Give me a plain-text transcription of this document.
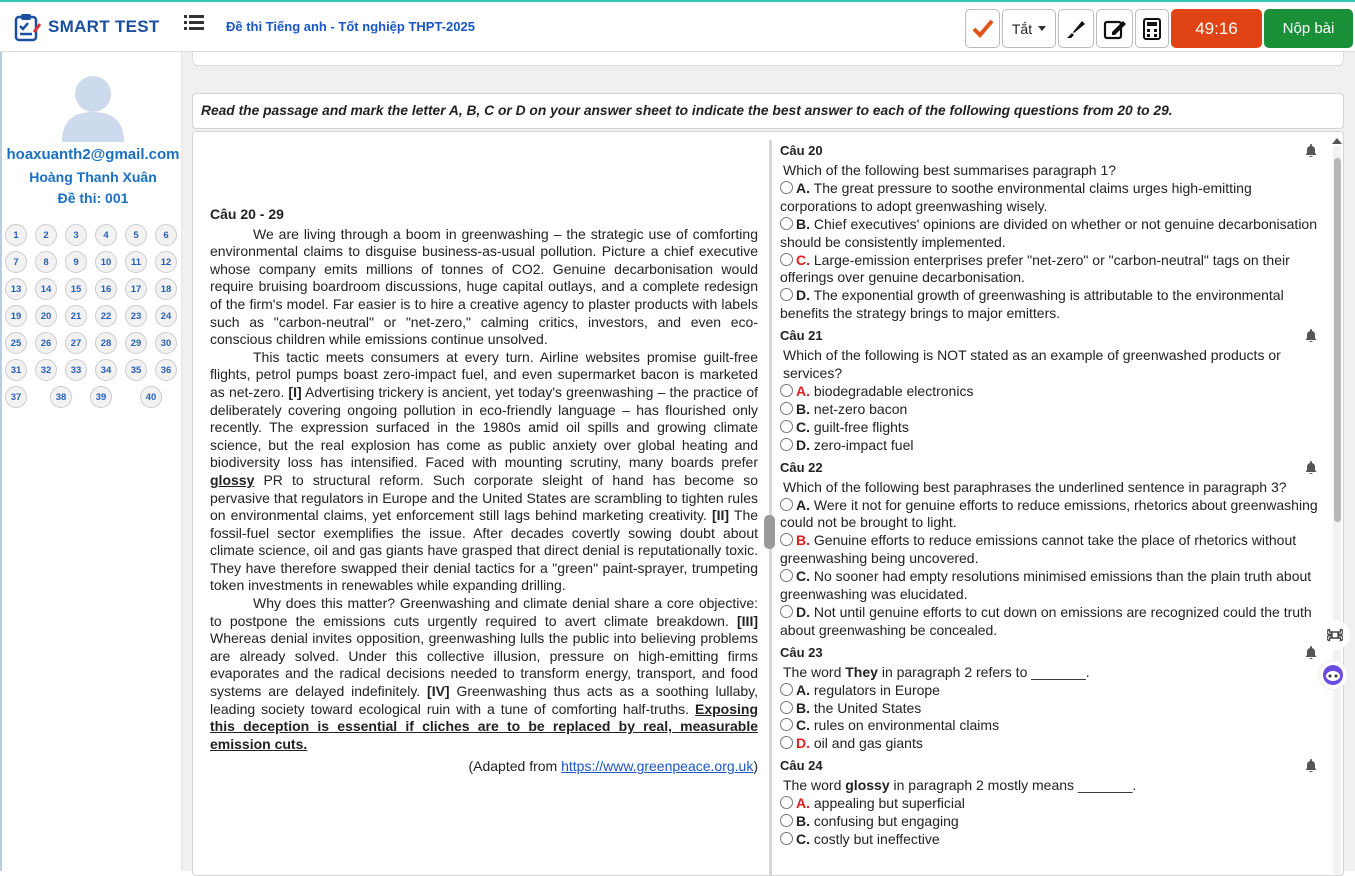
SMART TEST	Đề thi Tiếng anh - Tốt nghiệp THPT-2025	Tắt	49:16	Nộp bài
hoaxuanth2@gmail.com
Hoàng Thanh Xuân
Đề thi: 001
1	2	3	4	5	6
7	8	9	10	11	12
13	14	15	16	17	18
19	20	21	22	23	24
25	26	27	28	29	30
31	32	33	34	35	36
37	38	39	40
Read the passage and mark the letter A, B, C or D on your answer sheet to indicate the best answer to each of the following questions from 20 to 29.
Câu 20 - 29

We are living through a boom in greenwashing – the strategic use of comforting environmental claims to disguise business-as-usual pollution. Picture a chief executive whose company emits millions of tonnes of CO2. Genuine decarbonisation would require bruising boardroom discussions, huge capital outlays, and a complete redesign of the firm's model. Far easier is to hire a creative agency to plaster products with labels such as "carbon-neutral" or "net-zero," calming critics, investors, and even eco-conscious children while emissions continue unsolved.

This tactic meets consumers at every turn. Airline websites promise guilt-free flights, petrol pumps boast zero-impact fuel, and even supermarket bacon is marketed as net-zero. [I] Advertising trickery is ancient, yet today's greenwashing – the practice of deliberately covering ongoing pollution in eco-friendly language – has flourished only recently. The expression surfaced in the 1980s amid oil spills and growing climate science, but the real explosion has come as public anxiety over global heating and biodiversity loss has intensified. Faced with mounting scrutiny, many boards prefer glossy PR to structural reform. Such corporate sleight of hand has become so pervasive that regulators in Europe and the United States are scrambling to tighten rules on environmental claims, yet enforcement still lags behind marketing creativity. [II] The fossil-fuel sector exemplifies the issue. After decades covertly sowing doubt about climate science, oil and gas giants have grasped that direct denial is reputationally toxic. They have therefore swapped their denial tactics for a "green" paint-sprayer, trumpeting token investments in renewables while expanding drilling.

Why does this matter? Greenwashing and climate denial share a core objective: to postpone the emissions cuts urgently required to avert climate breakdown. [III] Whereas denial invites opposition, greenwashing lulls the public into believing problems are already solved. Under this collective illusion, pressure on high-emitting firms evaporates and the radical decisions needed to transform energy, transport, and food systems are delayed indefinitely. [IV] Greenwashing thus acts as a soothing lullaby, leading society toward ecological ruin with a tune of comforting half-truths. Exposing this deception is essential if cliches are to be replaced by real, measurable emission cuts.

(Adapted from https://www.greenpeace.org.uk)
Câu 20
Which of the following best summarises paragraph 1?
A. The great pressure to soothe environmental claims urges high-emitting corporations to adopt greenwashing wisely.
B. Chief executives' opinions are divided on whether or not genuine decarbonisation should be consistently implemented.
C. Large-emission enterprises prefer "net-zero" or "carbon-neutral" tags on their offerings over genuine decarbonisation.
D. The exponential growth of greenwashing is attributable to the environmental benefits the strategy brings to major emitters.
Câu 21
Which of the following is NOT stated as an example of greenwashed products or services?
A. biodegradable electronics
B. net-zero bacon
C. guilt-free flights
D. zero-impact fuel
Câu 22
Which of the following best paraphrases the underlined sentence in paragraph 3?
A. Were it not for genuine efforts to reduce emissions, rhetorics about greenwashing could not be brought to light.
B. Genuine efforts to reduce emissions cannot take the place of rhetorics without greenwashing being uncovered.
C. No sooner had empty resolutions minimised emissions than the plain truth about greenwashing was elucidated.
D. Not until genuine efforts to cut down on emissions are recognized could the truth about greenwashing be concealed.
Câu 23
The word They in paragraph 2 refers to _______.
A. regulators in Europe
B. the United States
C. rules on environmental claims
D. oil and gas giants
Câu 24
The word glossy in paragraph 2 mostly means _______.
A. appealing but superficial
B. confusing but engaging
C. costly but ineffective
